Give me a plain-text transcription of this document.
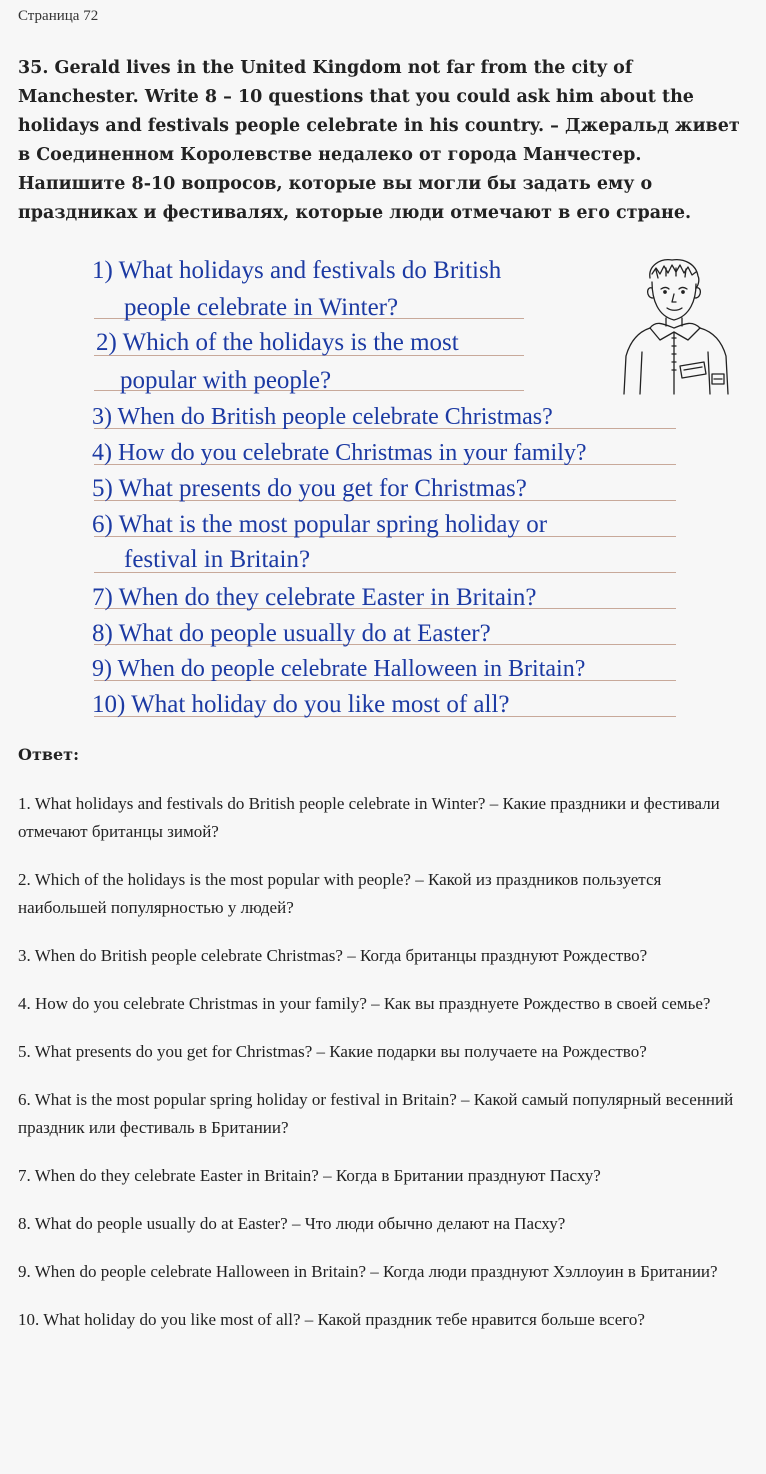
Страница 72
35. Gerald lives in the United Kingdom not far from the city of Manchester. Write 8 – 10 questions that you could ask him about the holidays and festivals people celebrate in his country. – Джеральд живет в Соединенном Королевстве недалеко от города Манчестер. Напишите 8-10 вопросов, которые вы могли бы задать ему о праздниках и фестивалях, которые люди отмечают в его стране.
1) What holidays and festivals do British
people celebrate in Winter?
2) Which of the holidays is the most
popular with people?
3) When do British people celebrate Christmas?
4) How do you celebrate Christmas in your family?
5) What presents do you get for Christmas?
6) What is the most popular spring holiday or
festival in Britain?
7) When do they celebrate Easter in Britain?
8) What do people usually do at Easter?
9) When do people celebrate Halloween in Britain?
10) What holiday do you like most of all?
Ответ:

1. What holidays and festivals do British people celebrate in Winter? – Какие праздники и фестивали отмечают британцы зимой?

2. Which of the holidays is the most popular with people? – Какой из праздников пользуется наибольшей популярностью у людей?

3. When do British people celebrate Christmas? – Когда британцы празднуют Рождество?

4. How do you celebrate Christmas in your family? – Как вы празднуете Рождество в своей семье?

5. What presents do you get for Christmas? – Какие подарки вы получаете на Рождество?

6. What is the most popular spring holiday or festival in Britain? – Какой самый популярный весенний праздник или фестиваль в Британии?

7. When do they celebrate Easter in Britain? – Когда в Британии празднуют Пасху?

8. What do people usually do at Easter? – Что люди обычно делают на Пасху?

9. When do people celebrate Halloween in Britain? – Когда люди празднуют Хэллоуин в Британии?

10. What holiday do you like most of all? – Какой праздник тебе нравится больше всего?
